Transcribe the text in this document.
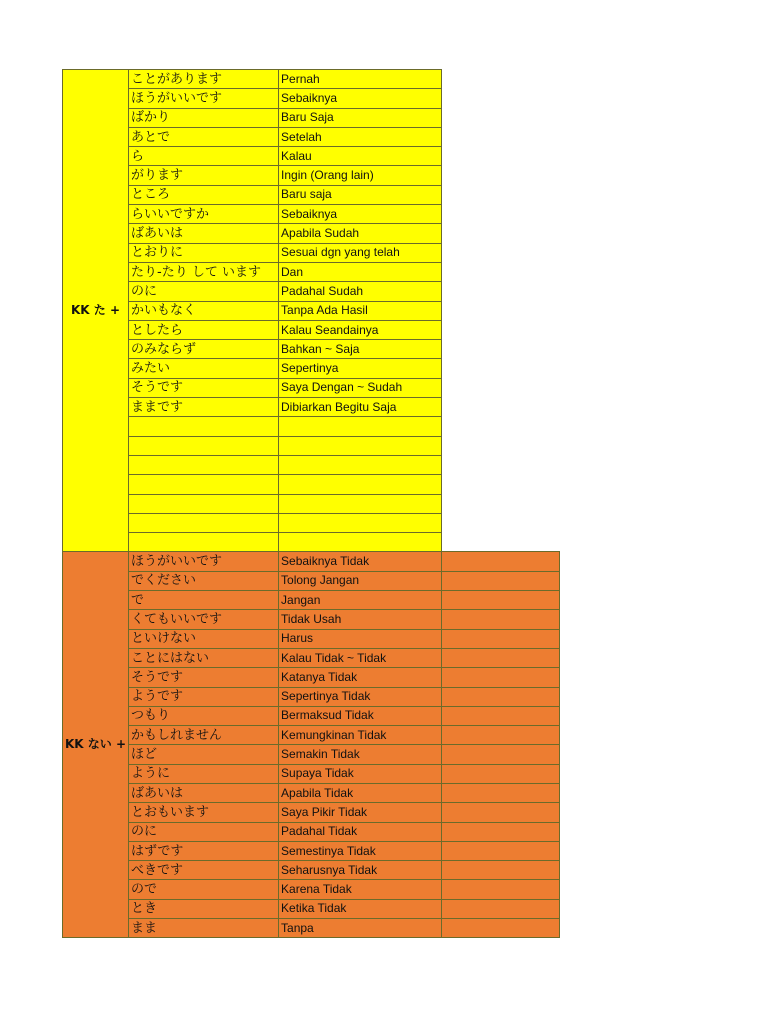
KK た +	ことがあります	Pernah	
	ほうがいいです	Sebaiknya	
	ばかり	Baru Saja	
	あとで	Setelah	
	ら	Kalau	
	がります	Ingin (Orang lain)	
	ところ	Baru saja	
	らいいですか	Sebaiknya	
	ばあいは	Apabila Sudah	
	とおりに	Sesuai dgn yang telah	
	たり-たり して います	Dan	
	のに	Padahal Sudah	
	かいもなく	Tanpa Ada Hasil	
	としたら	Kalau Seandainya	
	のみならず	Bahkan ~ Saja	
	みたい	Sepertinya	
	そうです	Saya Dengan ~ Sudah	
	ままです	Dibiarkan Begitu Saja	

KK ない +	ほうがいいです	Sebaiknya Tidak	
	でください	Tolong Jangan	
	で	Jangan	
	くてもいいです	Tidak Usah	
	といけない	Harus	
	ことにはない	Kalau Tidak ~ Tidak	
	そうです	Katanya Tidak	
	ようです	Sepertinya Tidak	
	つもり	Bermaksud Tidak	
	かもしれません	Kemungkinan Tidak	
	ほど	Semakin Tidak	
	ように	Supaya Tidak	
	ばあいは	Apabila Tidak	
	とおもいます	Saya Pikir Tidak	
	のに	Padahal Tidak	
	はずです	Semestinya Tidak	
	べきです	Seharusnya Tidak	
	ので	Karena Tidak	
	とき	Ketika Tidak	
	まま	Tanpa	
